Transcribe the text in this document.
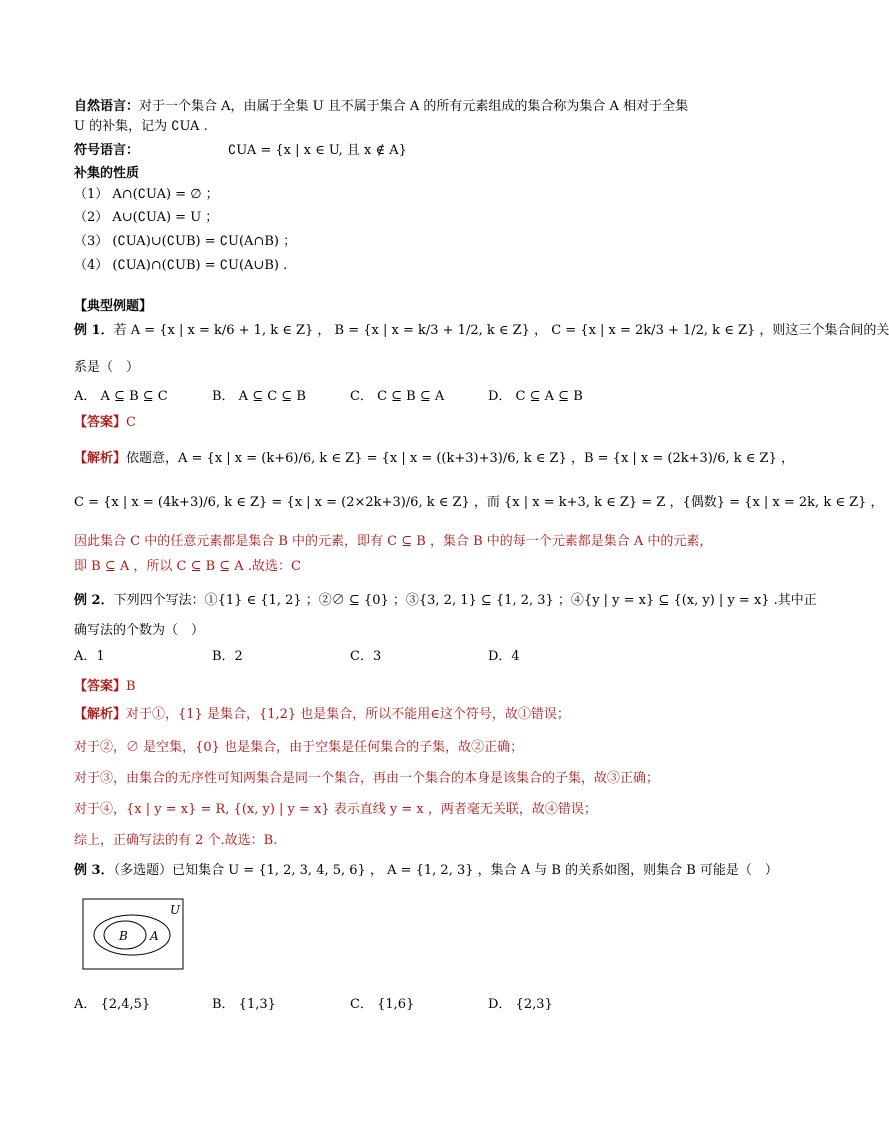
自然语言：对于一个集合 A，由属于全集 U 且不属于集合 A 的所有元素组成的集合称为集合 A 相对于全集
U 的补集，记为 ∁UA .
符号语言：	∁UA = {x | x ∈ U, 且 x ∉ A}
补集的性质
（1） A∩(∁UA) = ∅ ；
（2） A∪(∁UA) = U ；
（3） (∁UA)∪(∁UB) = ∁U(A∩B) ；
（4） (∁UA)∩(∁UB) = ∁U(A∪B) .
【典型例题】
例 1．若 A = {x | x = k/6 + 1, k ∈ Z} ， B = {x | x = k/3 + 1/2, k ∈ Z} ， C = {x | x = 2k/3 + 1/2, k ∈ Z} ，则这三个集合间的关
系是（　）
A． A ⊆ B ⊆ C	B． A ⊆ C ⊆ B	C． C ⊆ B ⊆ A	D． C ⊆ A ⊆ B
【答案】C
【解析】依题意，A = {x | x = (k+6)/6, k ∈ Z} = {x | x = ((k+3)+3)/6, k ∈ Z} ，B = {x | x = (2k+3)/6, k ∈ Z} ，
C = {x | x = (4k+3)/6, k ∈ Z} = {x | x = (2×2k+3)/6, k ∈ Z} ，而 {x | x = k+3, k ∈ Z} = Z ，{偶数} = {x | x = 2k, k ∈ Z} ，
因此集合 C 中的任意元素都是集合 B 中的元素，即有 C ⊆ B ，集合 B 中的每一个元素都是集合 A 中的元素，
即 B ⊆ A ，所以 C ⊆ B ⊆ A .故选：C
例 2．下列四个写法：①{1} ∈ {1, 2} ；②∅ ⊆ {0} ；③{3, 2, 1} ⊆ {1, 2, 3} ；④{y | y = x} ⊆ {(x, y) | y = x} .其中正
确写法的个数为（　）
A．1	B．2	C．3	D．4
【答案】B
【解析】对于①，{1} 是集合，{1,2} 也是集合，所以不能用∈这个符号，故①错误；
对于②，∅ 是空集，{0} 也是集合，由于空集是任何集合的子集，故②正确；
对于③，由集合的无序性可知两集合是同一个集合，再由一个集合的本身是该集合的子集，故③正确；
对于④，{x | y = x} = R, {(x, y) | y = x} 表示直线 y = x ，两者毫无关联，故④错误；
综上，正确写法的有 2 个.故选：B.
例 3．（多选题）已知集合 U = {1, 2, 3, 4, 5, 6} ， A = {1, 2, 3} ，集合 A 与 B 的关系如图，则集合 B 可能是（　）
A． {2,4,5}	B． {1,3}	C． {1,6}	D． {2,3}
U
B A
